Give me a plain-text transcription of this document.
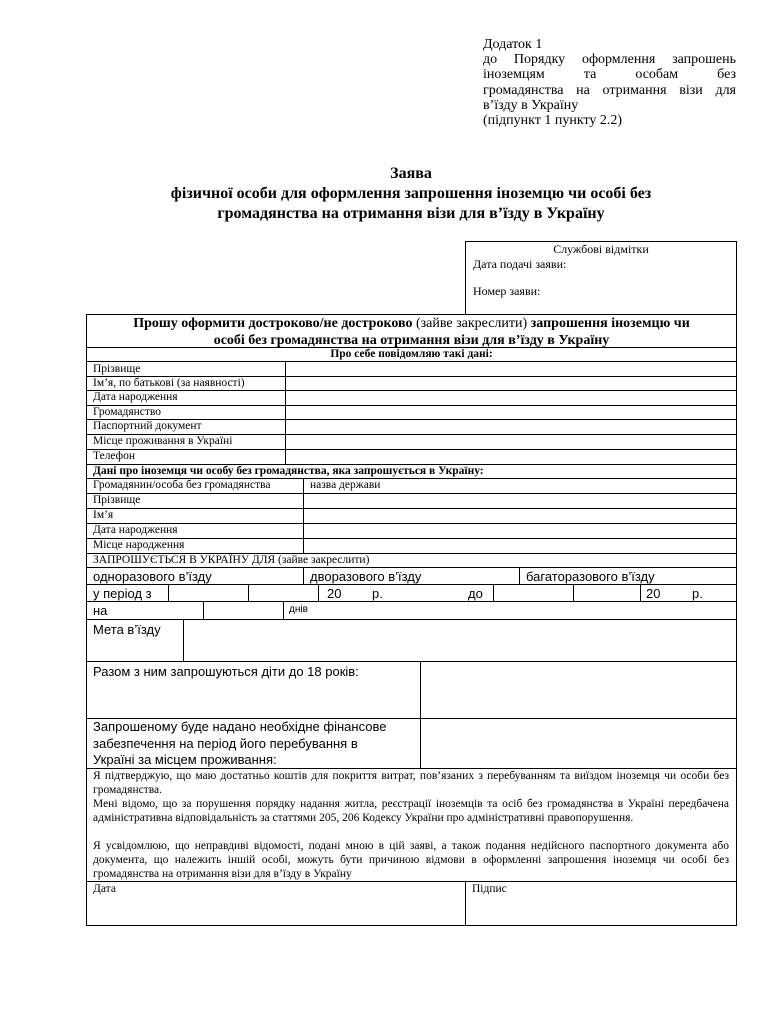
Додаток 1
до Порядку оформлення запрошень
іноземцям та особам без
громадянства на отримання візи для
в’їзду в Україну
(підпункт 1 пункту 2.2)
Заява
фізичної особи для оформлення запрошення іноземцю чи особі без
громадянства на отримання візи для в’їзду в Україну
Службові відмітки
Дата подачі заяви:
Номер заяви:
Прошу оформити достроково/не достроково (зайве закреслити) запрошення іноземцю чи
особі без громадянства на отримання візи для в’їзду в Україну
Про себе повідомляю такі дані:
Прізвище
Ім’я, по батькові (за наявності)
Дата народження
Громадянство
Паспортний документ
Місце проживання в Україні
Телефон
Дані про іноземця чи особу без громадянства, яка запрошується в Україну:
Громадянин/особа без громадянства	назва держави
Прізвище
Ім’я
Дата народження
Місце народження
ЗАПРОШУЄТЬСЯ В УКРАЇНУ ДЛЯ (зайве закреслити)
одноразового в’їзду	дворазового в’їзду	багаторазового в’їзду
у період з	20 р.	до	20 р.
на	днів
Мета в’їзду
Разом з ним запрошуються діти до 18 років:
Запрошеному буде надано необхідне фінансове
забезпечення на період його перебування в
Україні за місцем проживання:
Я підтверджую, що маю достатньо коштів для покриття витрат, пов’язаних з перебуванням та виїздом іноземця чи особи без громадянства.
Мені відомо, що за порушення порядку надання житла, реєстрації іноземців та осіб без громадянства в Україні передбачена адміністративна відповідальність за статтями 205, 206 Кодексу України про адміністративні правопорушення.
Я усвідомлюю, що неправдиві відомості, подані мною в цій заяві, а також подання недійсного паспортного документа або документа, що належить іншій особі, можуть бути причиною відмови в оформленні запрошення іноземця чи особі без громадянства на отримання візи для в’їзду в Україну
Дата	Підпис
